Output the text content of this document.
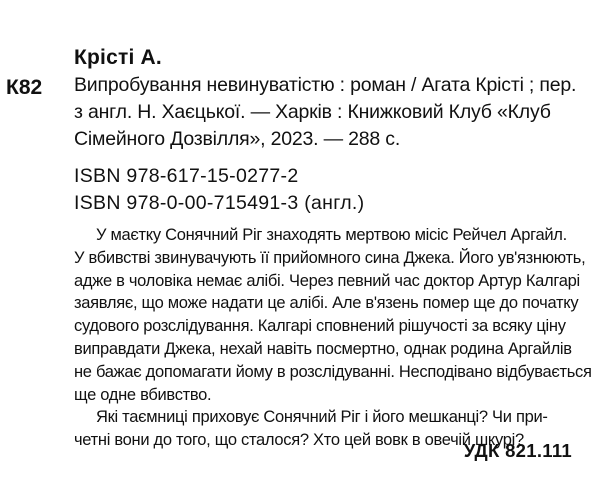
Крісті А.
К82 Випробування невинуватістю : роман / Агата Крісті ; пер.
з англ. Н. Хаєцької. — Харків : Книжковий Клуб «Клуб
Сімейного Дозвілля», 2023. — 288 с.
ISBN 978-617-15-0277-2
ISBN 978-0-00-715491-3 (англ.)
У маєтку Сонячний Ріг знаходять мертвою місіс Рейчел Аргайл.
У вбивстві звинувачують її прийомного сина Джека. Його ув'язнюють,
адже в чоловіка немає алібі. Через певний час доктор Артур Калгарі
заявляє, що може надати це алібі. Але в'язень помер ще до початку
судового розслідування. Калгарі сповнений рішучості за всяку ціну
виправдати Джека, нехай навіть посмертно, однак родина Аргайлів
не бажає допомагати йому в розслідуванні. Несподівано відбувається
ще одне вбивство.
Які таємниці приховує Сонячний Ріг і його мешканці? Чи при-
четні вони до того, що сталося? Хто цей вовк в овечій шкурі?
УДК 821.111
